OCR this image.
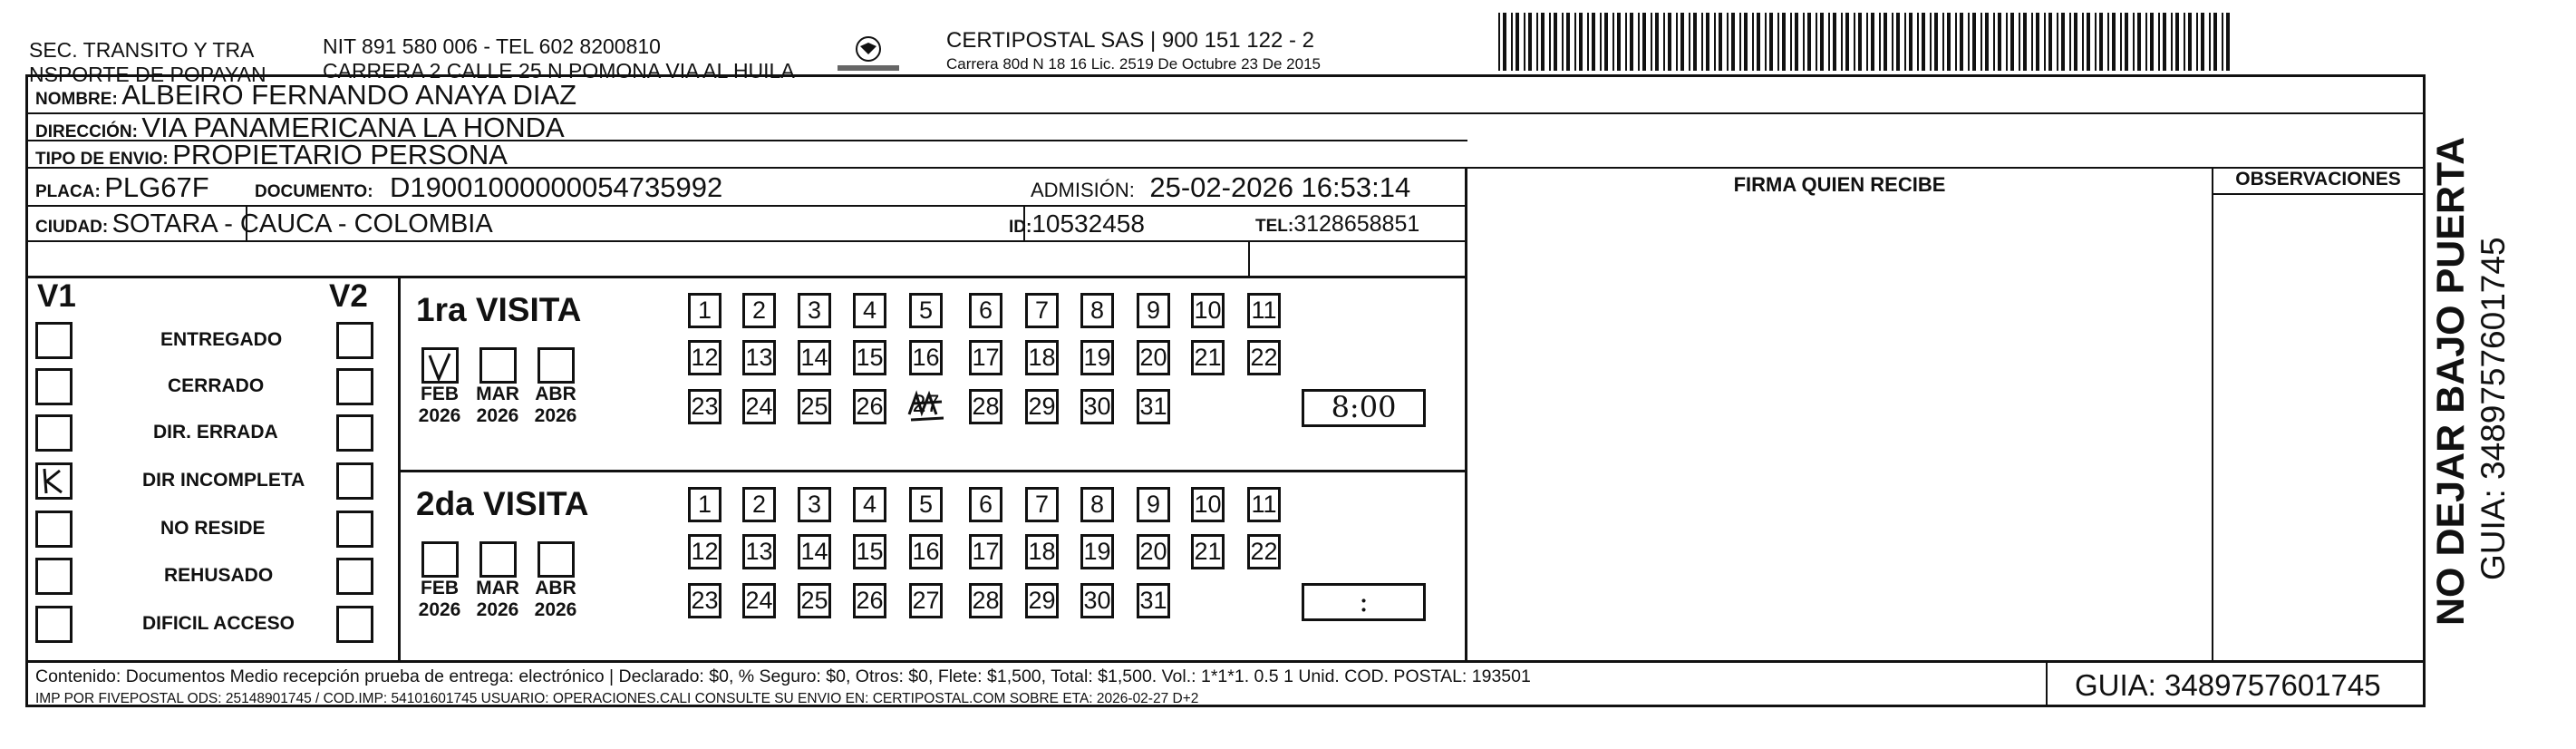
SEC. TRANSITO Y TRA
NSPORTE DE POPAYAN
NIT 891 580 006 - TEL 602 8200810
CARRERA 2 CALLE 25 N POMONA VIA AL HUILA
CERTIPOSTAL SAS | 900 151 122 - 2
Carrera 80d N 18 16 Lic. 2519 De Octubre 23 De 2015
NOMBRE: ALBEIRO FERNANDO ANAYA DIAZ
DIRECCIÓN: VIA PANAMERICANA LA HONDA
TIPO DE ENVIO: PROPIETARIO PERSONA
PLACA: PLG67F	DOCUMENTO: D19001000000054735992	ADMISIÓN: 25-02-2026 16:53:14
CIUDAD: SOTARA - CAUCA - COLOMBIA	ID:10532458	TEL:3128658851
FIRMA QUIEN RECIBE	OBSERVACIONES
V1	V2
ENTREGADO
CERRADO
DIR. ERRADA
DIR INCOMPLETA
NO RESIDE
REHUSADO
DIFICIL ACCESO
1ra VISITA
FEB
2026
MAR
2026
ABR
2026
1	2	3	4	5	6	7	8	9	10 11
12 13 14 15 16 17 18 19 20 21 22
23 24 25 26 27 28 29 30 31	8:00
2da VISITA
FEB
2026
MAR
2026
ABR
2026
1	2	3	4	5	6	7	8	9	10 11
12 13 14 15 16 17 18 19 20 21 22
23 24 25 26 27 28 29 30 31	:
Contenido: Documentos Medio recepción prueba de entrega: electrónico | Declarado: $0, % Seguro: $0, Otros: $0, Flete: $1,500, Total: $1,500. Vol.: 1*1*1. 0.5 1 Unid. COD. POSTAL: 193501
IMP POR FIVEPOSTAL ODS: 25148901745 / COD.IMP: 54101601745 USUARIO: OPERACIONES.CALI CONSULTE SU ENVIO EN: CERTIPOSTAL.COM SOBRE ETA: 2026-02-27 D+2	GUIA: 3489757601745
NO DEJAR BAJO PUERTA GUIA: 3489757601745
